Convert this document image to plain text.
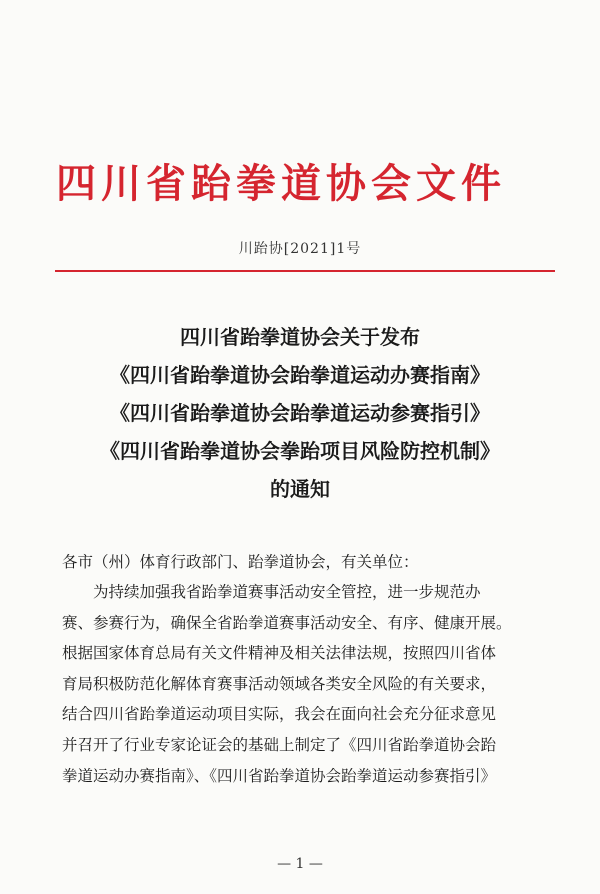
四川省跆拳道协会文件
川跆协[2021]1号
四川省跆拳道协会关于发布
《四川省跆拳道协会跆拳道运动办赛指南》
《四川省跆拳道协会跆拳道运动参赛指引》
《四川省跆拳道协会拳跆项目风险防控机制》
的通知
各市（州）体育行政部门、跆拳道协会，有关单位：
为持续加强我省跆拳道赛事活动安全管控，进一步规范办
赛、参赛行为，确保全省跆拳道赛事活动安全、有序、健康开展。
根据国家体育总局有关文件精神及相关法律法规，按照四川省体
育局积极防范化解体育赛事活动领域各类安全风险的有关要求，
结合四川省跆拳道运动项目实际，我会在面向社会充分征求意见
并召开了行业专家论证会的基础上制定了《四川省跆拳道协会跆
拳道运动办赛指南》、《四川省跆拳道协会跆拳道运动参赛指引》
— 1 —
